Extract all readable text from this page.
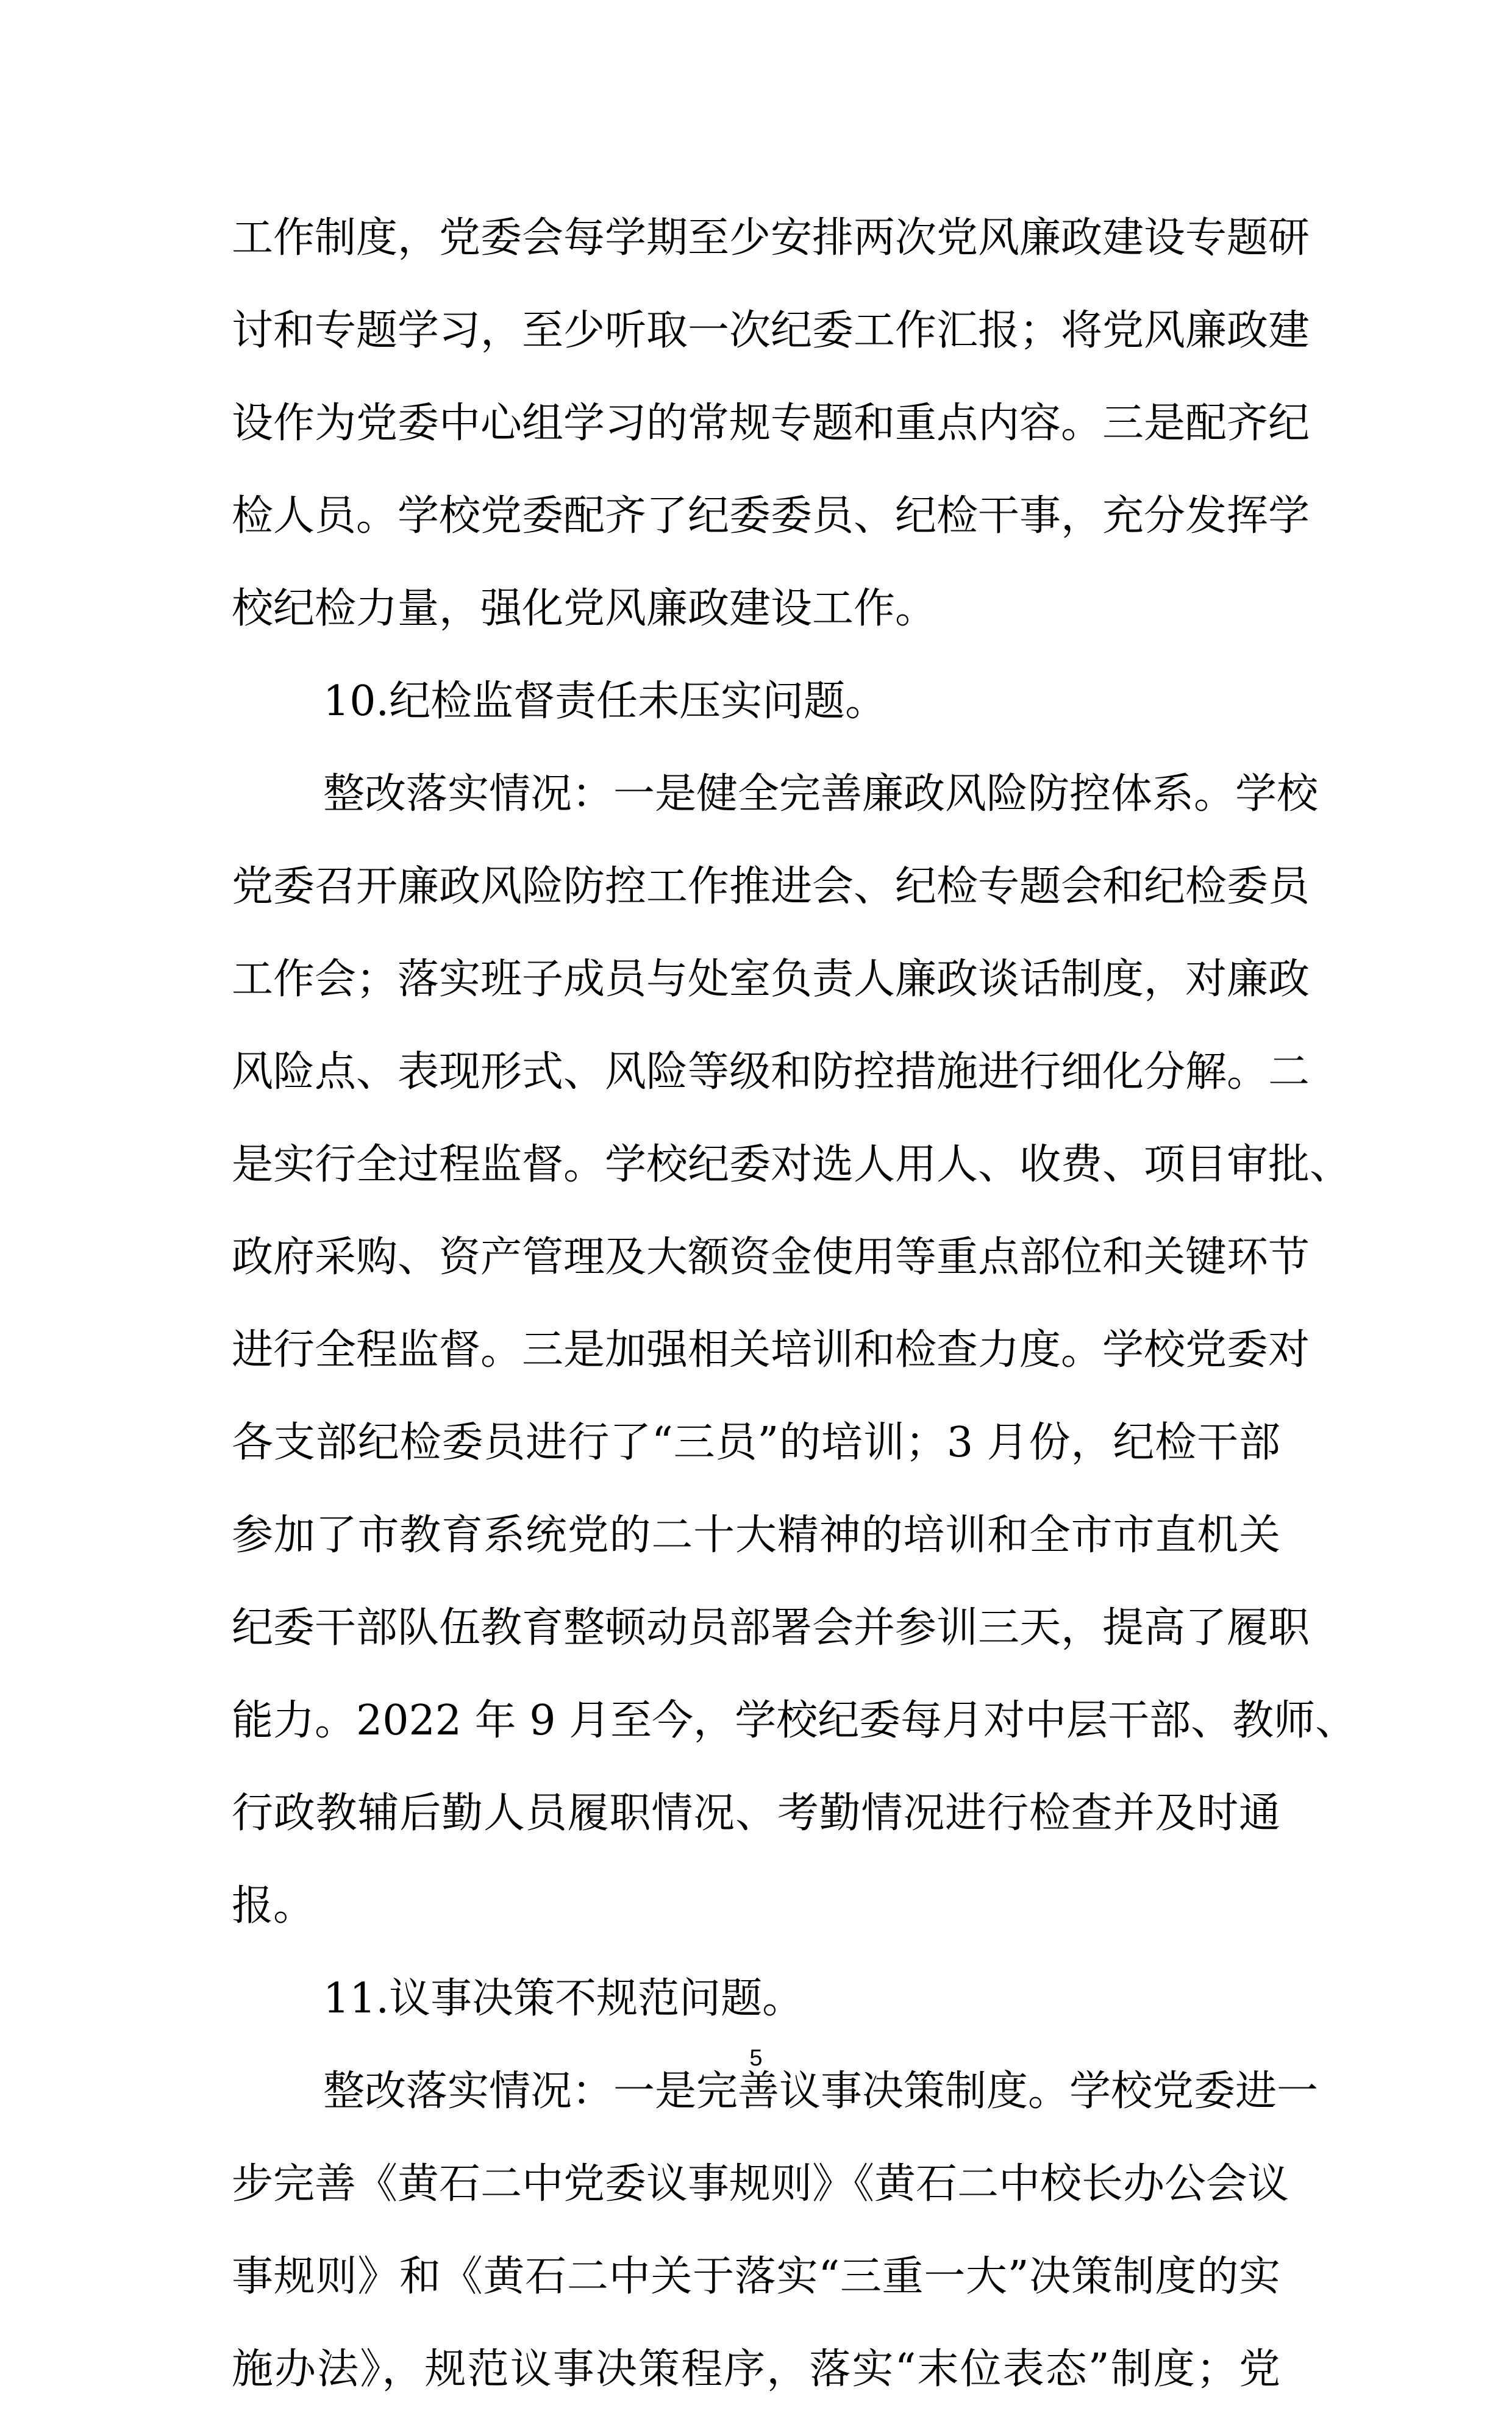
工作制度，党委会每学期至少安排两次党风廉政建设专题研
讨和专题学习，至少听取一次纪委工作汇报；将党风廉政建
设作为党委中心组学习的常规专题和重点内容。三是配齐纪
检人员。学校党委配齐了纪委委员、纪检干事，充分发挥学
校纪检力量，强化党风廉政建设工作。
10.纪检监督责任未压实问题。
整改落实情况：一是健全完善廉政风险防控体系。学校
党委召开廉政风险防控工作推进会、纪检专题会和纪检委员
工作会；落实班子成员与处室负责人廉政谈话制度，对廉政
风险点、表现形式、风险等级和防控措施进行细化分解。二
是实行全过程监督。学校纪委对选人用人、收费、项目审批、
政府采购、资产管理及大额资金使用等重点部位和关键环节
进行全程监督。三是加强相关培训和检查力度。学校党委对
各支部纪检委员进行了“三员”的培训；3 月份，纪检干部
参加了市教育系统党的二十大精神的培训和全市市直机关
纪委干部队伍教育整顿动员部署会并参训三天，提高了履职
能力。2022 年 9 月至今，学校纪委每月对中层干部、教师、
行政教辅后勤人员履职情况、考勤情况进行检查并及时通
报。
11.议事决策不规范问题。
整改落实情况：一是完善议事决策制度。学校党委进一
步完善《黄石二中党委议事规则》《黄石二中校长办公会议
事规则》和《黄石二中关于落实“三重一大”决策制度的实
施办法》，规范议事决策程序，落实“末位表态”制度；党
5
